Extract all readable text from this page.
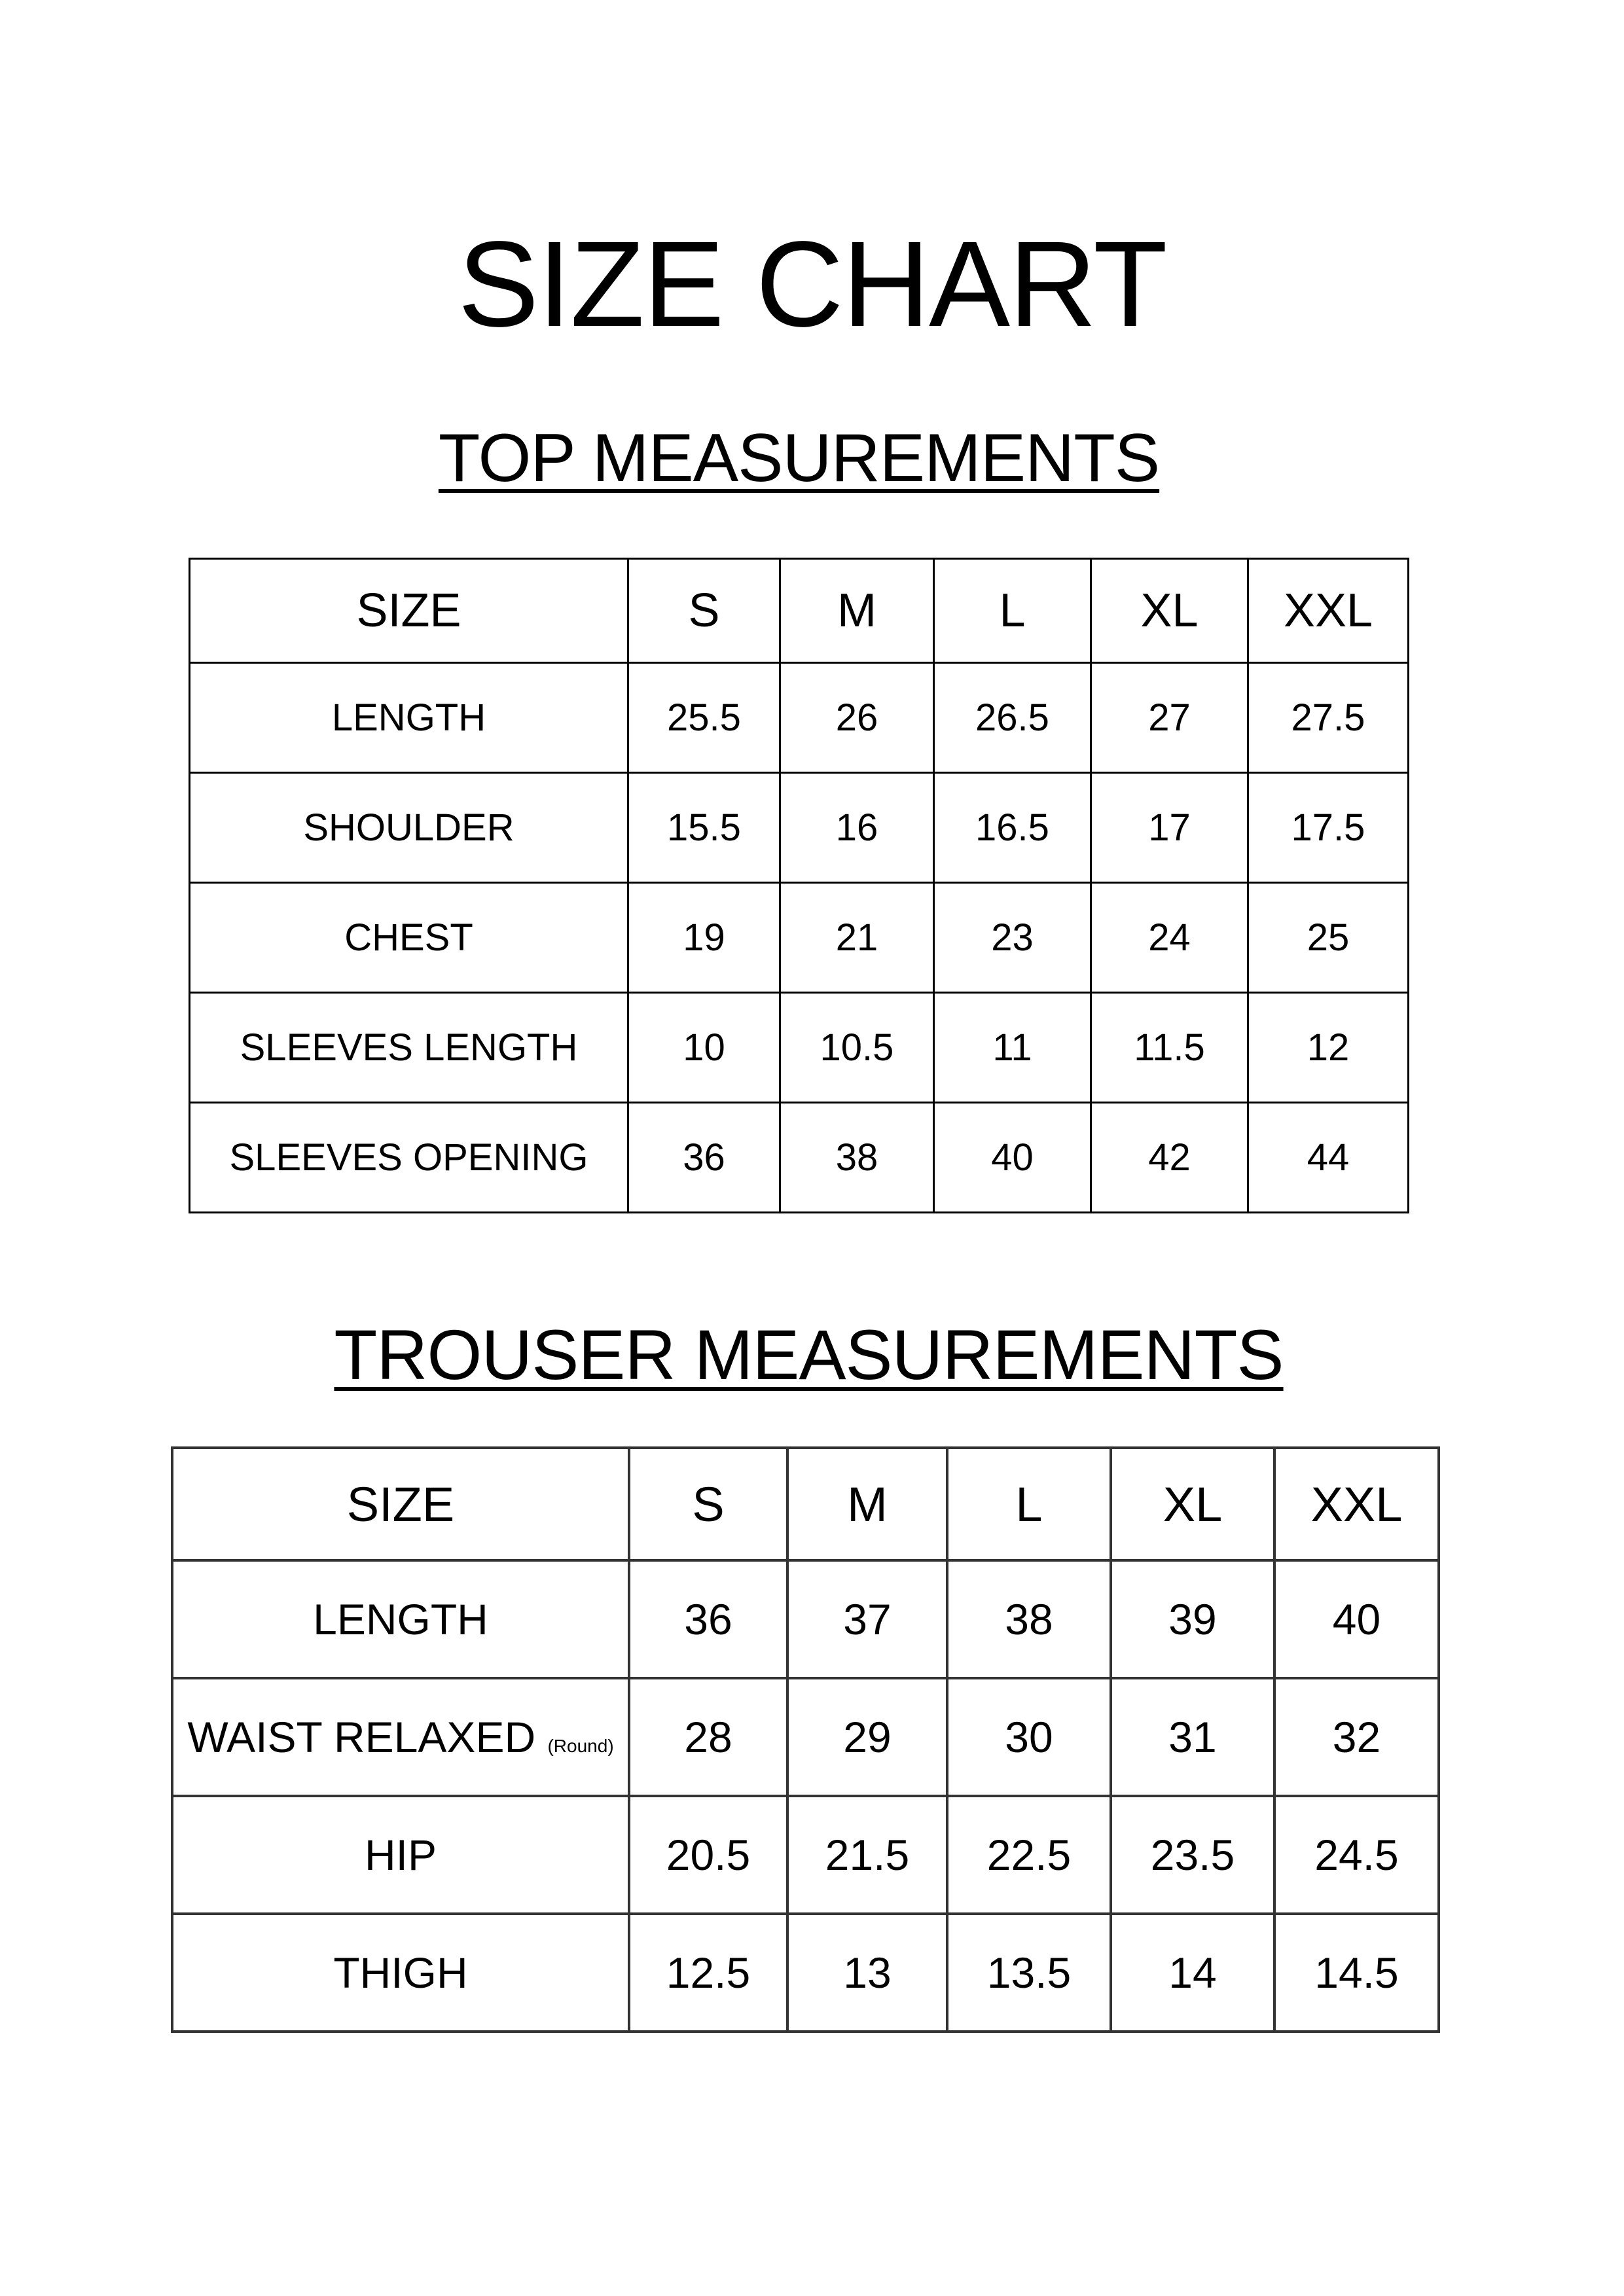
SIZE CHART
TOP MEASUREMENTS
SIZE	S	M	L	XL	XXL
LENGTH	25.5	26	26.5	27	27.5
SHOULDER	15.5	16	16.5	17	17.5
CHEST	19	21	23	24	25
SLEEVES LENGTH	10	10.5	11	11.5	12
SLEEVES OPENING	36	38	40	42	44
TROUSER MEASUREMENTS
SIZE	S	M	L	XL	XXL
LENGTH	36	37	38	39	40
WAIST RELAXED (Round)	28	29	30	31	32
HIP	20.5	21.5	22.5	23.5	24.5
THIGH	12.5	13	13.5	14	14.5
